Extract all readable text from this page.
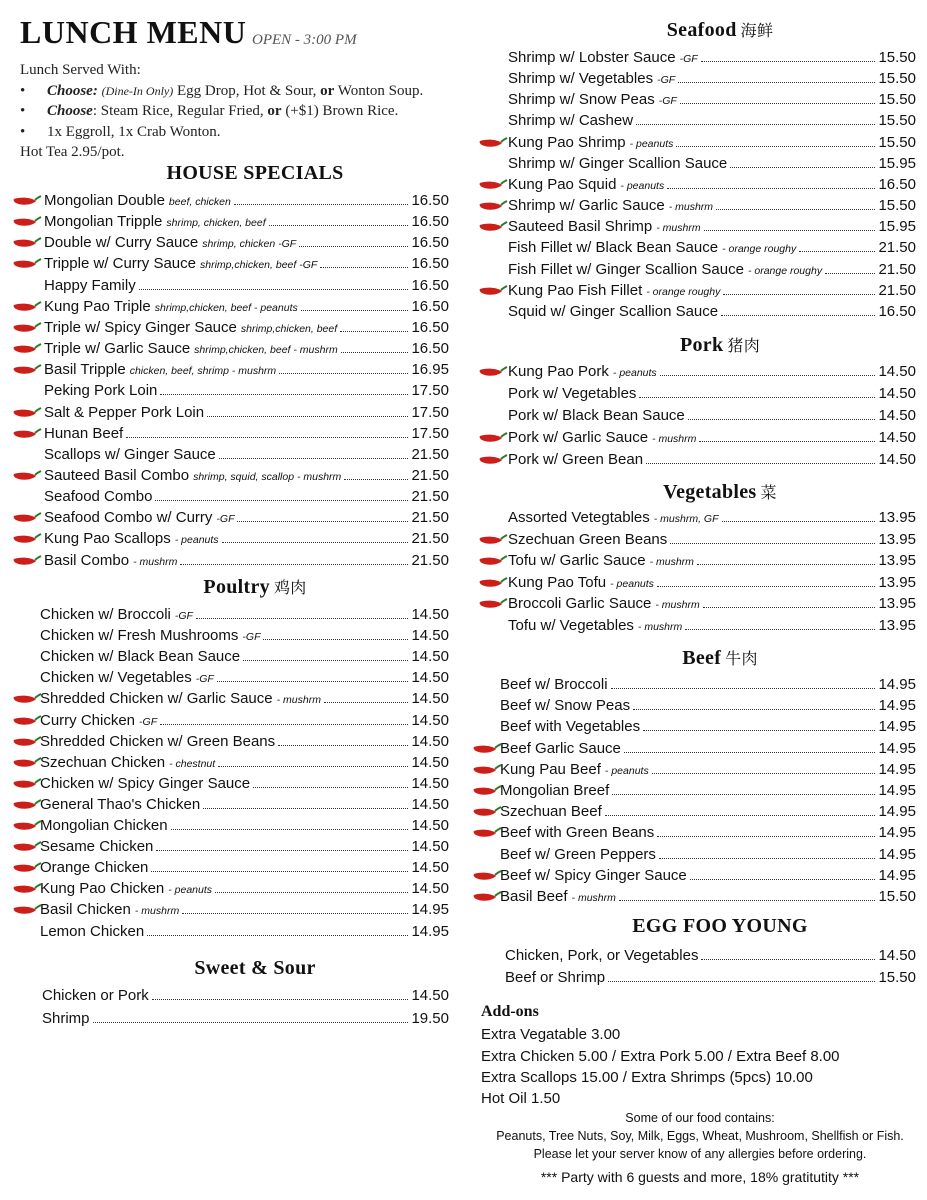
LUNCH MENU OPEN - 3:00 PM
Lunch Served With:
• Choose: (Dine-In Only) Egg Drop, Hot & Sour, or Wonton Soup.
• Choose: Steam Rice, Regular Fried, or (+$1) Brown Rice.
• 1x Eggroll, 1x Crab Wonton.
Hot Tea 2.95/pot.
HOUSE SPECIALS
Mongolian Double beef, chicken	16.50
Mongolian Tripple shrimp, chicken, beef	16.50
Double w/ Curry Sauce shrimp, chicken -GF	16.50
Tripple w/ Curry Sauce shrimp,chicken, beef -GF	16.50
Happy Family	16.50
Kung Pao Triple shrimp,chicken, beef - peanuts	16.50
Triple w/ Spicy Ginger Sauce shrimp,chicken, beef	16.50
Triple w/ Garlic Sauce shrimp,chicken, beef - mushrm	16.50
Basil Tripple chicken, beef, shrimp - mushrm	16.95
Peking Pork Loin	17.50
Salt & Pepper Pork Loin	17.50
Hunan Beef	17.50
Scallops w/ Ginger Sauce	21.50
Sauteed Basil Combo shrimp, squid, scallop - mushrm	21.50
Seafood Combo	21.50
Seafood Combo w/ Curry -GF	21.50
Kung Pao Scallops - peanuts	21.50
Basil Combo - mushrm	21.50
Poultry 鸡肉
Chicken w/ Broccoli -GF	14.50
Chicken w/ Fresh Mushrooms -GF	14.50
Chicken w/ Black Bean Sauce	14.50
Chicken w/ Vegetables -GF	14.50
Shredded Chicken w/ Garlic Sauce - mushrm	14.50
Curry Chicken -GF	14.50
Shredded Chicken w/ Green Beans	14.50
Szechuan Chicken - chestnut	14.50
Chicken w/ Spicy Ginger Sauce	14.50
General Thao's Chicken	14.50
Mongolian Chicken	14.50
Sesame Chicken	14.50
Orange Chicken	14.50
Kung Pao Chicken - peanuts	14.50
Basil Chicken - mushrm	14.95
Lemon Chicken	14.95
Sweet & Sour
Chicken or Pork	14.50
Shrimp	19.50
Seafood 海鲜
Shrimp w/ Lobster Sauce -GF	15.50
Shrimp w/ Vegetables -GF	15.50
Shrimp w/ Snow Peas -GF	15.50
Shrimp w/ Cashew	15.50
Kung Pao Shrimp - peanuts	15.50
Shrimp w/ Ginger Scallion Sauce	15.95
Kung Pao Squid - peanuts	16.50
Shrimp w/ Garlic Sauce - mushrm	15.50
Sauteed Basil Shrimp - mushrm	15.95
Fish Fillet w/ Black Bean Sauce - orange roughy	21.50
Fish Fillet w/ Ginger Scallion Sauce - orange roughy	21.50
Kung Pao Fish Fillet - orange roughy	21.50
Squid w/ Ginger Scallion Sauce	16.50
Pork 猪肉
Kung Pao Pork - peanuts	14.50
Pork w/ Vegetables	14.50
Pork w/ Black Bean Sauce	14.50
Pork w/ Garlic Sauce - mushrm	14.50
Pork w/ Green Bean	14.50
Vegetables 菜
Assorted Vetegtables - mushrm, GF	13.95
Szechuan Green Beans	13.95
Tofu w/ Garlic Sauce - mushrm	13.95
Kung Pao Tofu - peanuts	13.95
Broccoli Garlic Sauce - mushrm	13.95
Tofu w/ Vegetables - mushrm	13.95
Beef 牛肉
Beef w/ Broccoli	14.95
Beef w/ Snow Peas	14.95
Beef with Vegetables	14.95
Beef Garlic Sauce	14.95
Kung Pau Beef - peanuts	14.95
Mongolian Breef	14.95
Szechuan Beef	14.95
Beef with Green Beans	14.95
Beef w/ Green Peppers	14.95
Beef w/ Spicy Ginger Sauce	14.95
Basil Beef - mushrm	15.50
EGG FOO YOUNG
Chicken, Pork, or Vegetables	14.50
Beef or Shrimp	15.50
Add-ons
Extra Vegatable 3.00
Extra Chicken 5.00 / Extra Pork 5.00 / Extra Beef 8.00
Extra Scallops 15.00 / Extra Shrimps (5pcs) 10.00
Hot Oil 1.50
Some of our food contains:
Peanuts, Tree Nuts, Soy, Milk, Eggs, Wheat, Mushroom, Shellfish or Fish.
Please let your server know of any allergies before ordering.
*** Party with 6 guests and more, 18% gratitutity ***
